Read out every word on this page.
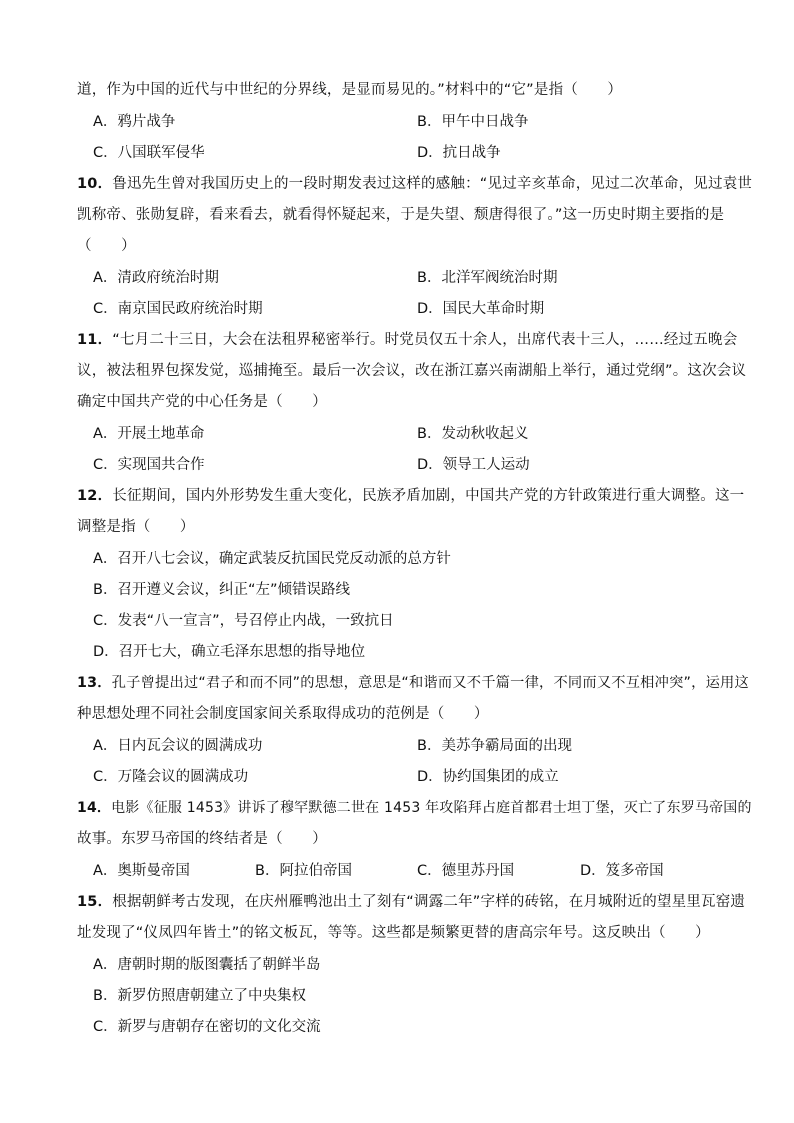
道，作为中国的近代与中世纪的分界线，是显而易见的。”材料中的“它”是指（　　）
A．鸦片战争	B．甲午中日战争
C．八国联军侵华	D．抗日战争
10．鲁迅先生曾对我国历史上的一段时期发表过这样的感触：“见过辛亥革命，见过二次革命，见过袁世
凯称帝、张勋复辟，看来看去，就看得怀疑起来，于是失望、颓唐得很了。”这一历史时期主要指的是
（　　）
A．清政府统治时期	B．北洋军阀统治时期
C．南京国民政府统治时期	D．国民大革命时期
11．“七月二十三日，大会在法租界秘密举行。时党员仅五十余人，出席代表十三人，……经过五晚会
议，被法租界包探发觉，巡捕掩至。最后一次会议，改在浙江嘉兴南湖船上举行，通过党纲”。这次会议
确定中国共产党的中心任务是（　　）
A．开展土地革命	B．发动秋收起义
C．实现国共合作	D．领导工人运动
12．长征期间，国内外形势发生重大变化，民族矛盾加剧，中国共产党的方针政策进行重大调整。这一
调整是指（　　）
A．召开八七会议，确定武装反抗国民党反动派的总方针
B．召开遵义会议，纠正“左”倾错误路线
C．发表“八一宣言”，号召停止内战，一致抗日
D．召开七大，确立毛泽东思想的指导地位
13．孔子曾提出过“君子和而不同”的思想，意思是“和谐而又不千篇一律，不同而又不互相冲突”，运用这
种思想处理不同社会制度国家间关系取得成功的范例是（　　）
A．日内瓦会议的圆满成功	B．美苏争霸局面的出现
C．万隆会议的圆满成功	D．协约国集团的成立
14．电影《征服 1453》讲诉了穆罕默德二世在 1453 年攻陷拜占庭首都君士坦丁堡，灭亡了东罗马帝国的
故事。东罗马帝国的终结者是（　　）
A．奥斯曼帝国	B．阿拉伯帝国	C．德里苏丹国	D．笈多帝国
15．根据朝鲜考古发现，在庆州雁鸭池出土了刻有“调露二年”字样的砖铭，在月城附近的望星里瓦窑遗
址发现了“仪凤四年皆土”的铭文板瓦，等等。这些都是频繁更替的唐高宗年号。这反映出（　　）
A．唐朝时期的版图囊括了朝鲜半岛
B．新罗仿照唐朝建立了中央集权
C．新罗与唐朝存在密切的文化交流
